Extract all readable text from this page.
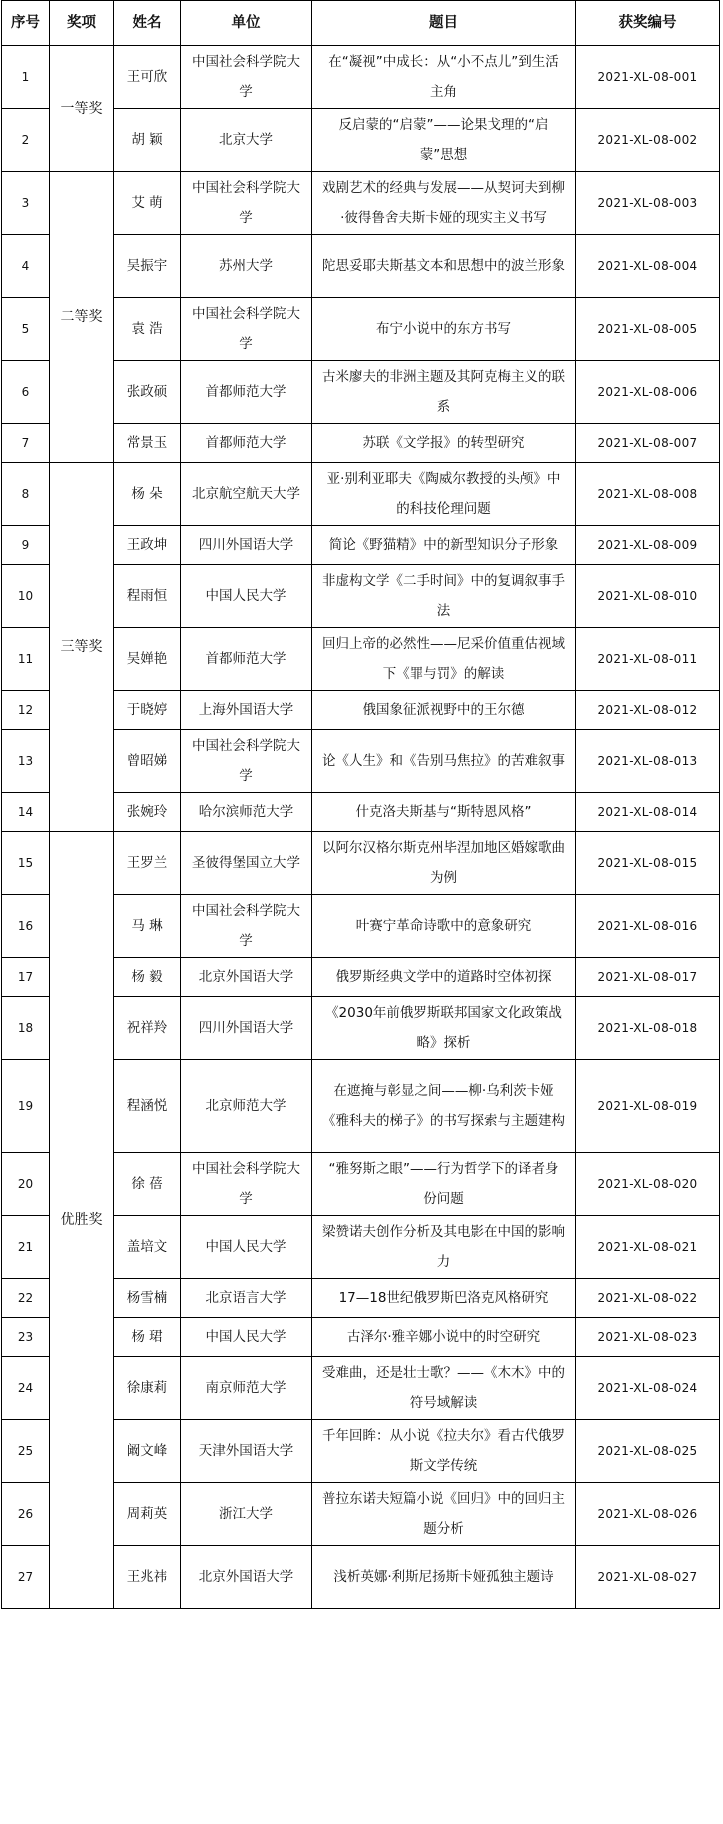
序号	奖项	姓名	单位	题目	获奖编号
1	一等奖	王可欣	中国社会科学院大学	在“凝视”中成长：从“小不点儿”到生活主角	2021-XL-08-001
2		胡 颖	北京大学	反启蒙的“启蒙”——论果戈理的“启蒙”思想	2021-XL-08-002
3	二等奖	艾 萌	中国社会科学院大学	戏剧艺术的经典与发展——从契诃夫到柳·彼得鲁舍夫斯卡娅的现实主义书写	2021-XL-08-003
4		吴振宇	苏州大学	陀思妥耶夫斯基文本和思想中的波兰形象	2021-XL-08-004
5		袁 浩	中国社会科学院大学	布宁小说中的东方书写	2021-XL-08-005
6		张政硕	首都师范大学	古米廖夫的非洲主题及其阿克梅主义的联系	2021-XL-08-006
7		常景玉	首都师范大学	苏联《文学报》的转型研究	2021-XL-08-007
8	三等奖	杨 朵	北京航空航天大学	亚·别利亚耶夫《陶威尔教授的头颅》中的科技伦理问题	2021-XL-08-008
9		王政坤	四川外国语大学	简论《野猫精》中的新型知识分子形象	2021-XL-08-009
10		程雨恒	中国人民大学	非虚构文学《二手时间》中的复调叙事手法	2021-XL-08-010
11		吴婵艳	首都师范大学	回归上帝的必然性——尼采价值重估视域下《罪与罚》的解读	2021-XL-08-011
12		于晓婷	上海外国语大学	俄国象征派视野中的王尔德	2021-XL-08-012
13		曾昭娣	中国社会科学院大学	论《人生》和《告别马焦拉》的苦难叙事	2021-XL-08-013
14		张婉玲	哈尔滨师范大学	什克洛夫斯基与“斯特恩风格”	2021-XL-08-014
15	优胜奖	王罗兰	圣彼得堡国立大学	以阿尔汉格尔斯克州毕涅加地区婚嫁歌曲为例	2021-XL-08-015
16		马 琳	中国社会科学院大学	叶赛宁革命诗歌中的意象研究	2021-XL-08-016
17		杨 毅	北京外国语大学	俄罗斯经典文学中的道路时空体初探	2021-XL-08-017
18		祝祥羚	四川外国语大学	《2030年前俄罗斯联邦国家文化政策战略》探析	2021-XL-08-018
19		程涵悦	北京师范大学	在遮掩与彰显之间——柳·乌利茨卡娅《雅科夫的梯子》的书写探索与主题建构	2021-XL-08-019
20		徐 蓓	中国社会科学院大学	“雅努斯之眼”——行为哲学下的译者身份问题	2021-XL-08-020
21		盖培文	中国人民大学	梁赞诺夫创作分析及其电影在中国的影响力	2021-XL-08-021
22		杨雪楠	北京语言大学	17—18世纪俄罗斯巴洛克风格研究	2021-XL-08-022
23		杨 珺	中国人民大学	古泽尔·雅辛娜小说中的时空研究	2021-XL-08-023
24		徐康莉	南京师范大学	受难曲，还是壮士歌？——《木木》中的符号域解读	2021-XL-08-024
25		阚文峰	天津外国语大学	千年回眸：从小说《拉夫尔》看古代俄罗斯文学传统	2021-XL-08-025
26		周莉英	浙江大学	普拉东诺夫短篇小说《回归》中的回归主题分析	2021-XL-08-026
27		王兆祎	北京外国语大学	浅析英娜·利斯尼扬斯卡娅孤独主题诗	2021-XL-08-027
